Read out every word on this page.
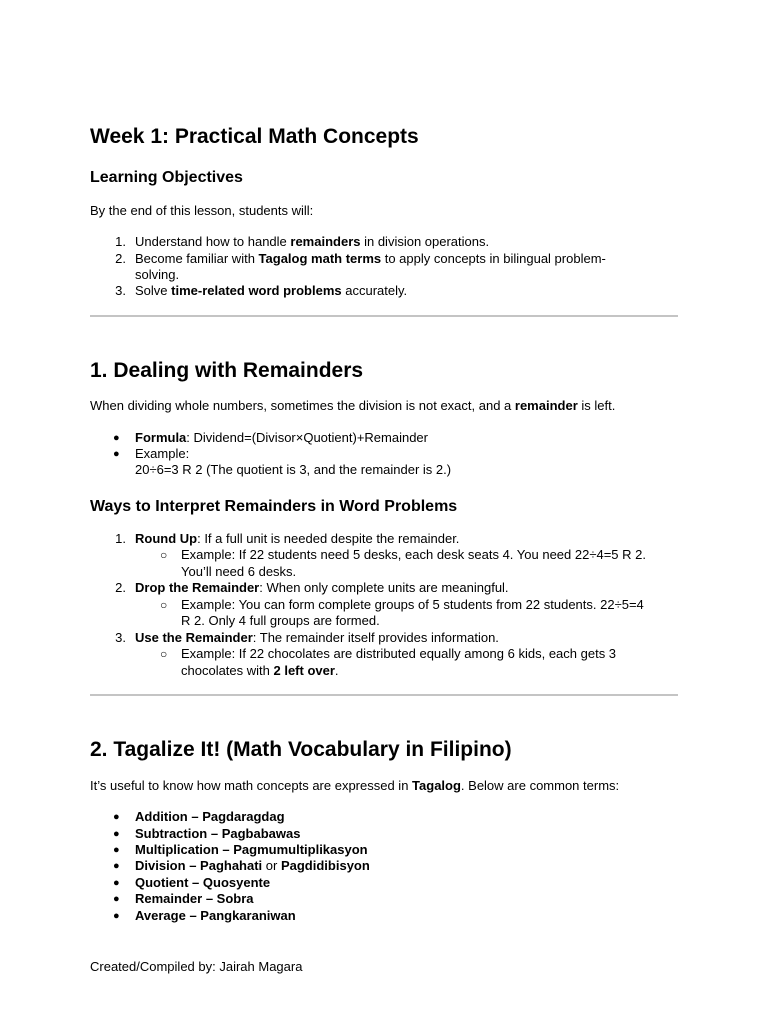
Week 1: Practical Math Concepts
Learning Objectives

By the end of this lesson, students will:

1. Understand how to handle remainders in division operations.

2. Become familiar with Tagalog math terms to apply concepts in bilingual problem-

solving.

3. Solve time-related word problems accurately.

1. Dealing with Remainders

When dividing whole numbers, sometimes the division is not exact, and a remainder is left.

●	Formula: Dividend=(Divisor×Quotient)+Remainder

●	Example:

20÷6=3 R 2 (The quotient is 3, and the remainder is 2.)

Ways to Interpret Remainders in Word Problems
1. Round Up: If a full unit is needed despite the remainder.

○	Example: If 22 students need 5 desks, each desk seats 4. You need 22÷4=5 R 2.

You’ll need 6 desks.

2. Drop the Remainder: When only complete units are meaningful.

○	Example: You can form complete groups of 5 students from 22 students. 22÷5=4

R 2. Only 4 full groups are formed.

3. Use the Remainder: The remainder itself provides information.

○	Example: If 22 chocolates are distributed equally among 6 kids, each gets 3

chocolates with 2 left over.

2. Tagalize It! (Math Vocabulary in Filipino)

It’s useful to know how math concepts are expressed in Tagalog. Below are common terms:

●	Addition – Pagdaragdag

●	Subtraction – Pagbabawas

●	Multiplication – Pagmumultiplikasyon

●	Division – Paghahati or Pagdidibisyon

●	Quotient – Quosyente

●	Remainder – Sobra

●	Average – Pangkaraniwan

Created/Compiled by: Jairah Magara
